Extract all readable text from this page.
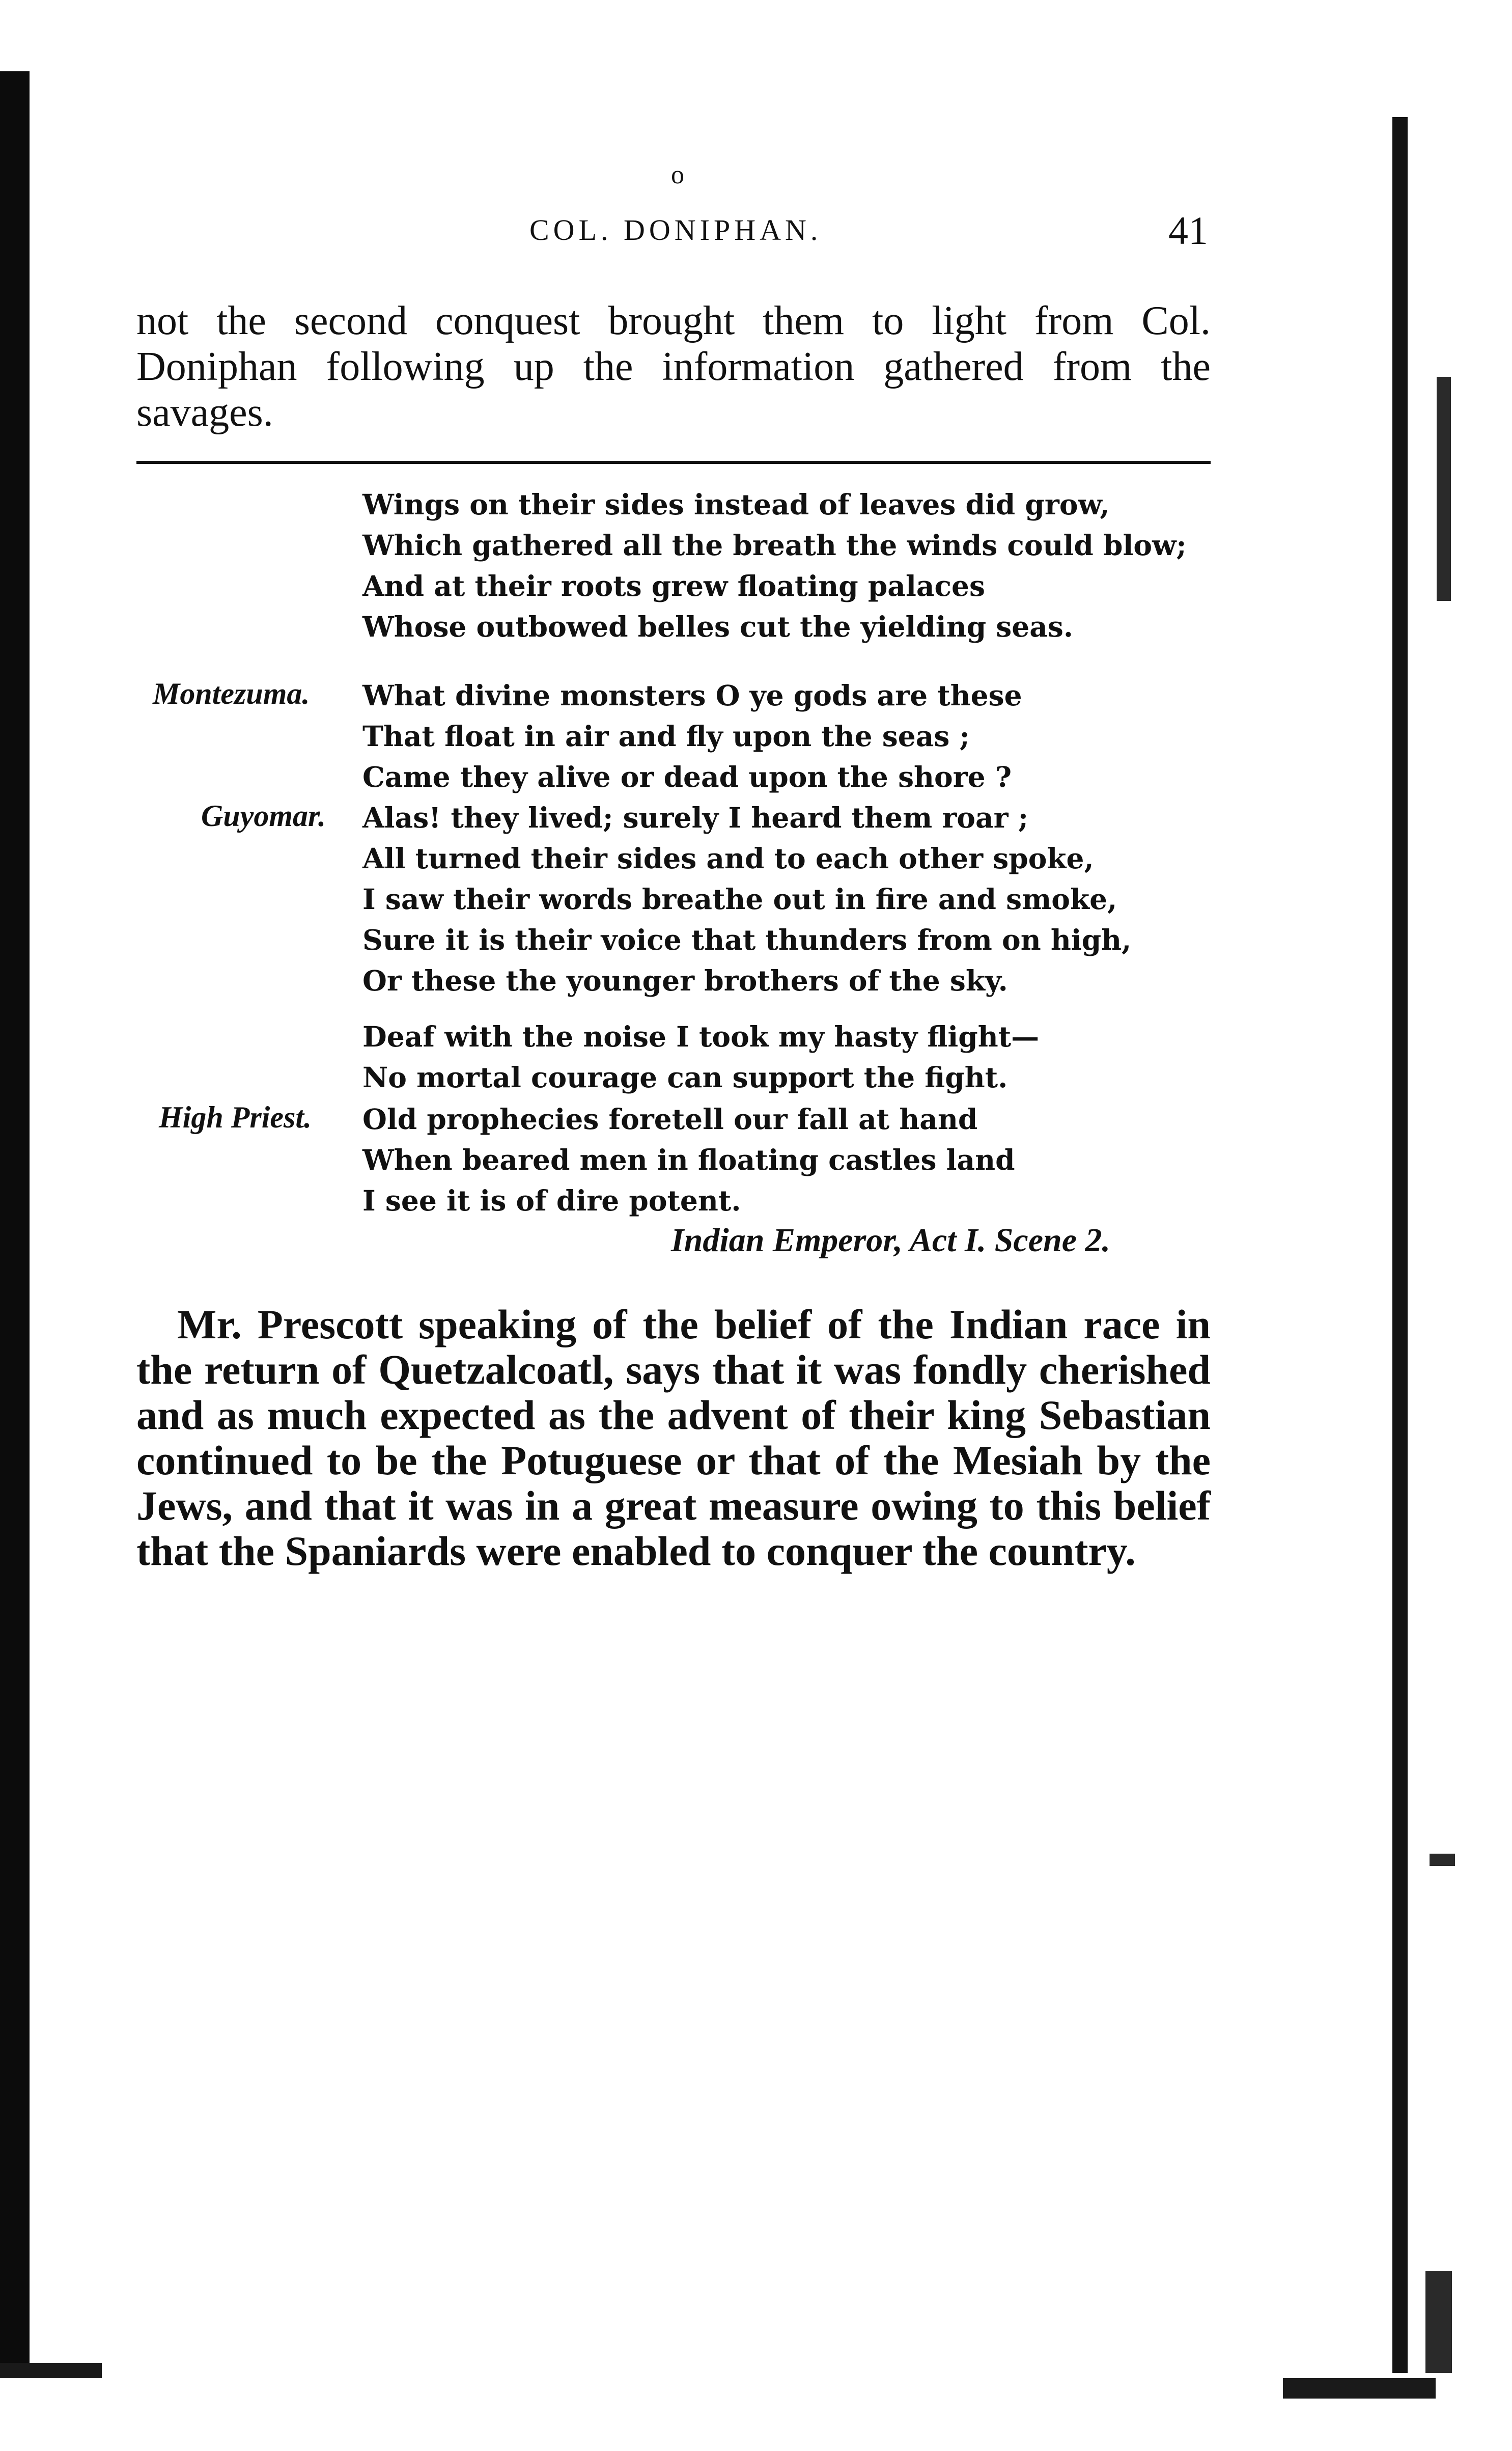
o
COL. DONIPHAN.	41

not the second conquest brought them to light from Col. Doniphan following up the information gathered from the savages.

Wings on their sides instead of leaves did grow,
Which gathered all the breath the winds could blow;
And at their roots grew floating palaces
Whose outbowed belles cut the yielding seas.
Montezuma. What divine monsters O ye gods are these
That float in air and fly upon the seas ;
Came they alive or dead upon the shore ?
Guyomar. Alas! they lived; surely I heard them roar ;
All turned their sides and to each other spoke,
I saw their words breathe out in fire and smoke,
Sure it is their voice that thunders from on high,
Or these the younger brothers of the sky.
Deaf with the noise I took my hasty flight—
No mortal courage can support the fight.
High Priest. Old prophecies foretell our fall at hand
When beared men in floating castles land
I see it is of dire potent.
Indian Emperor, Act I. Scene 2.

Mr. Prescott speaking of the belief of the Indian race in the return of Quetzalcoatl, says that it was fondly cherished and as much expected as the advent of their king Sebastian continued to be the Potuguese or that of the Mesiah by the Jews, and that it was in a great measure owing to this belief that the Spaniards were enabled to conquer the country.
